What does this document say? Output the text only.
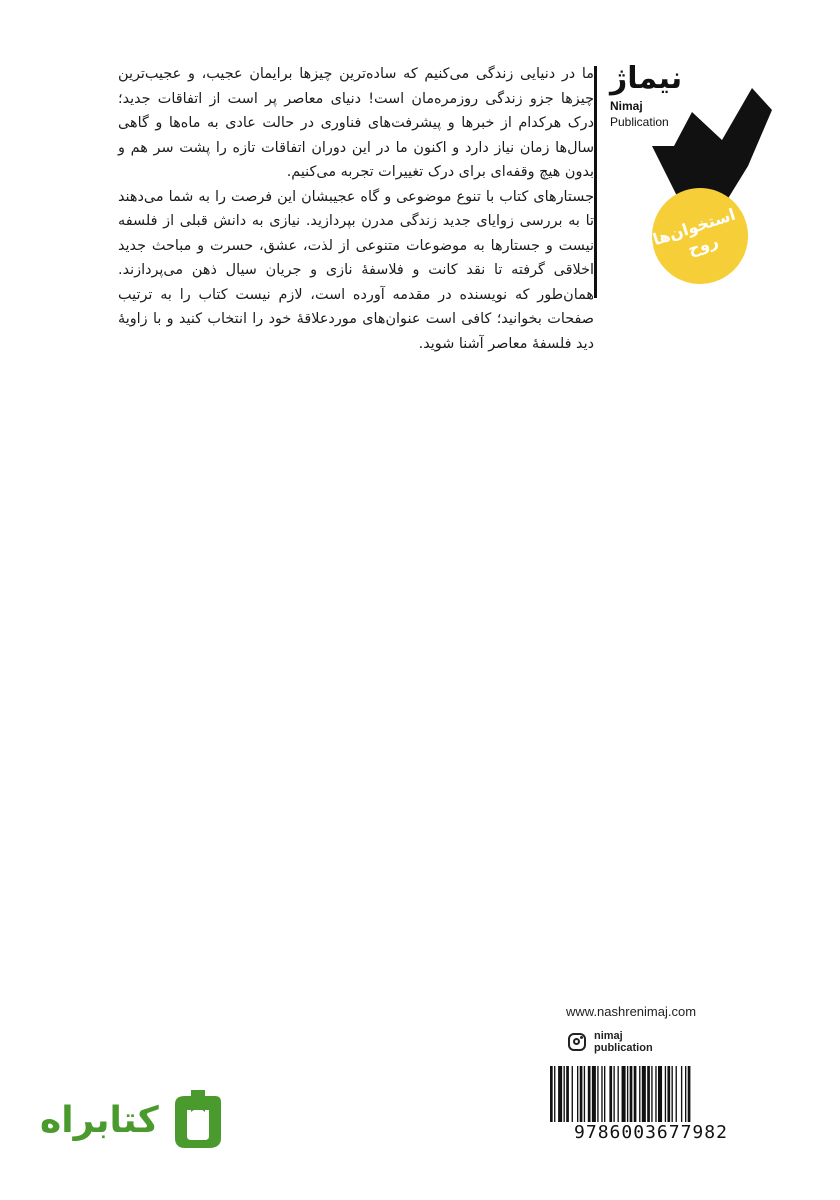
نیماژ
Nimaj
Publication
استخوان‌های روح

ما در دنیایی زندگی می‌کنیم که ساده‌ترین چیزها برایمان عجیب، و عجیب‌ترین چیزها جزو زندگی روزمره‌مان است! دنیای معاصر پر است از اتفاقات جدید؛ درک هرکدام از خبرها و پیشرفت‌های فناوری در حالت عادی به ماه‌ها و گاهی سال‌ها زمان نیاز دارد و اکنون ما در این دوران اتفاقات تازه را پشت سر هم و بدون هیچ وقفه‌ای برای درک تغییرات تجربه می‌کنیم.

جستارهای کتاب با تنوع موضوعی و گاه عجیبشان این فرصت را به شما می‌دهند تا به بررسی زوایای جدید زندگی مدرن بپردازید. نیازی به دانش قبلی از فلسفه نیست و جستارها به موضوعات متنوعی از لذت، عشق، حسرت و مباحث جدید اخلاقی گرفته تا نقد کانت و فلاسفهٔ نازی و جریان سیال ذهن می‌پردازند. همان‌طور که نویسنده در مقدمه آورده است، لازم نیست کتاب را به ترتیب صفحات بخوانید؛ کافی است عنوان‌های موردعلاقهٔ خود را انتخاب کنید و با زاویهٔ دید فلسفهٔ معاصر آشنا شوید.

www.nashrenimaj.com
nimaj
publication
9786003677982
کتابراه
